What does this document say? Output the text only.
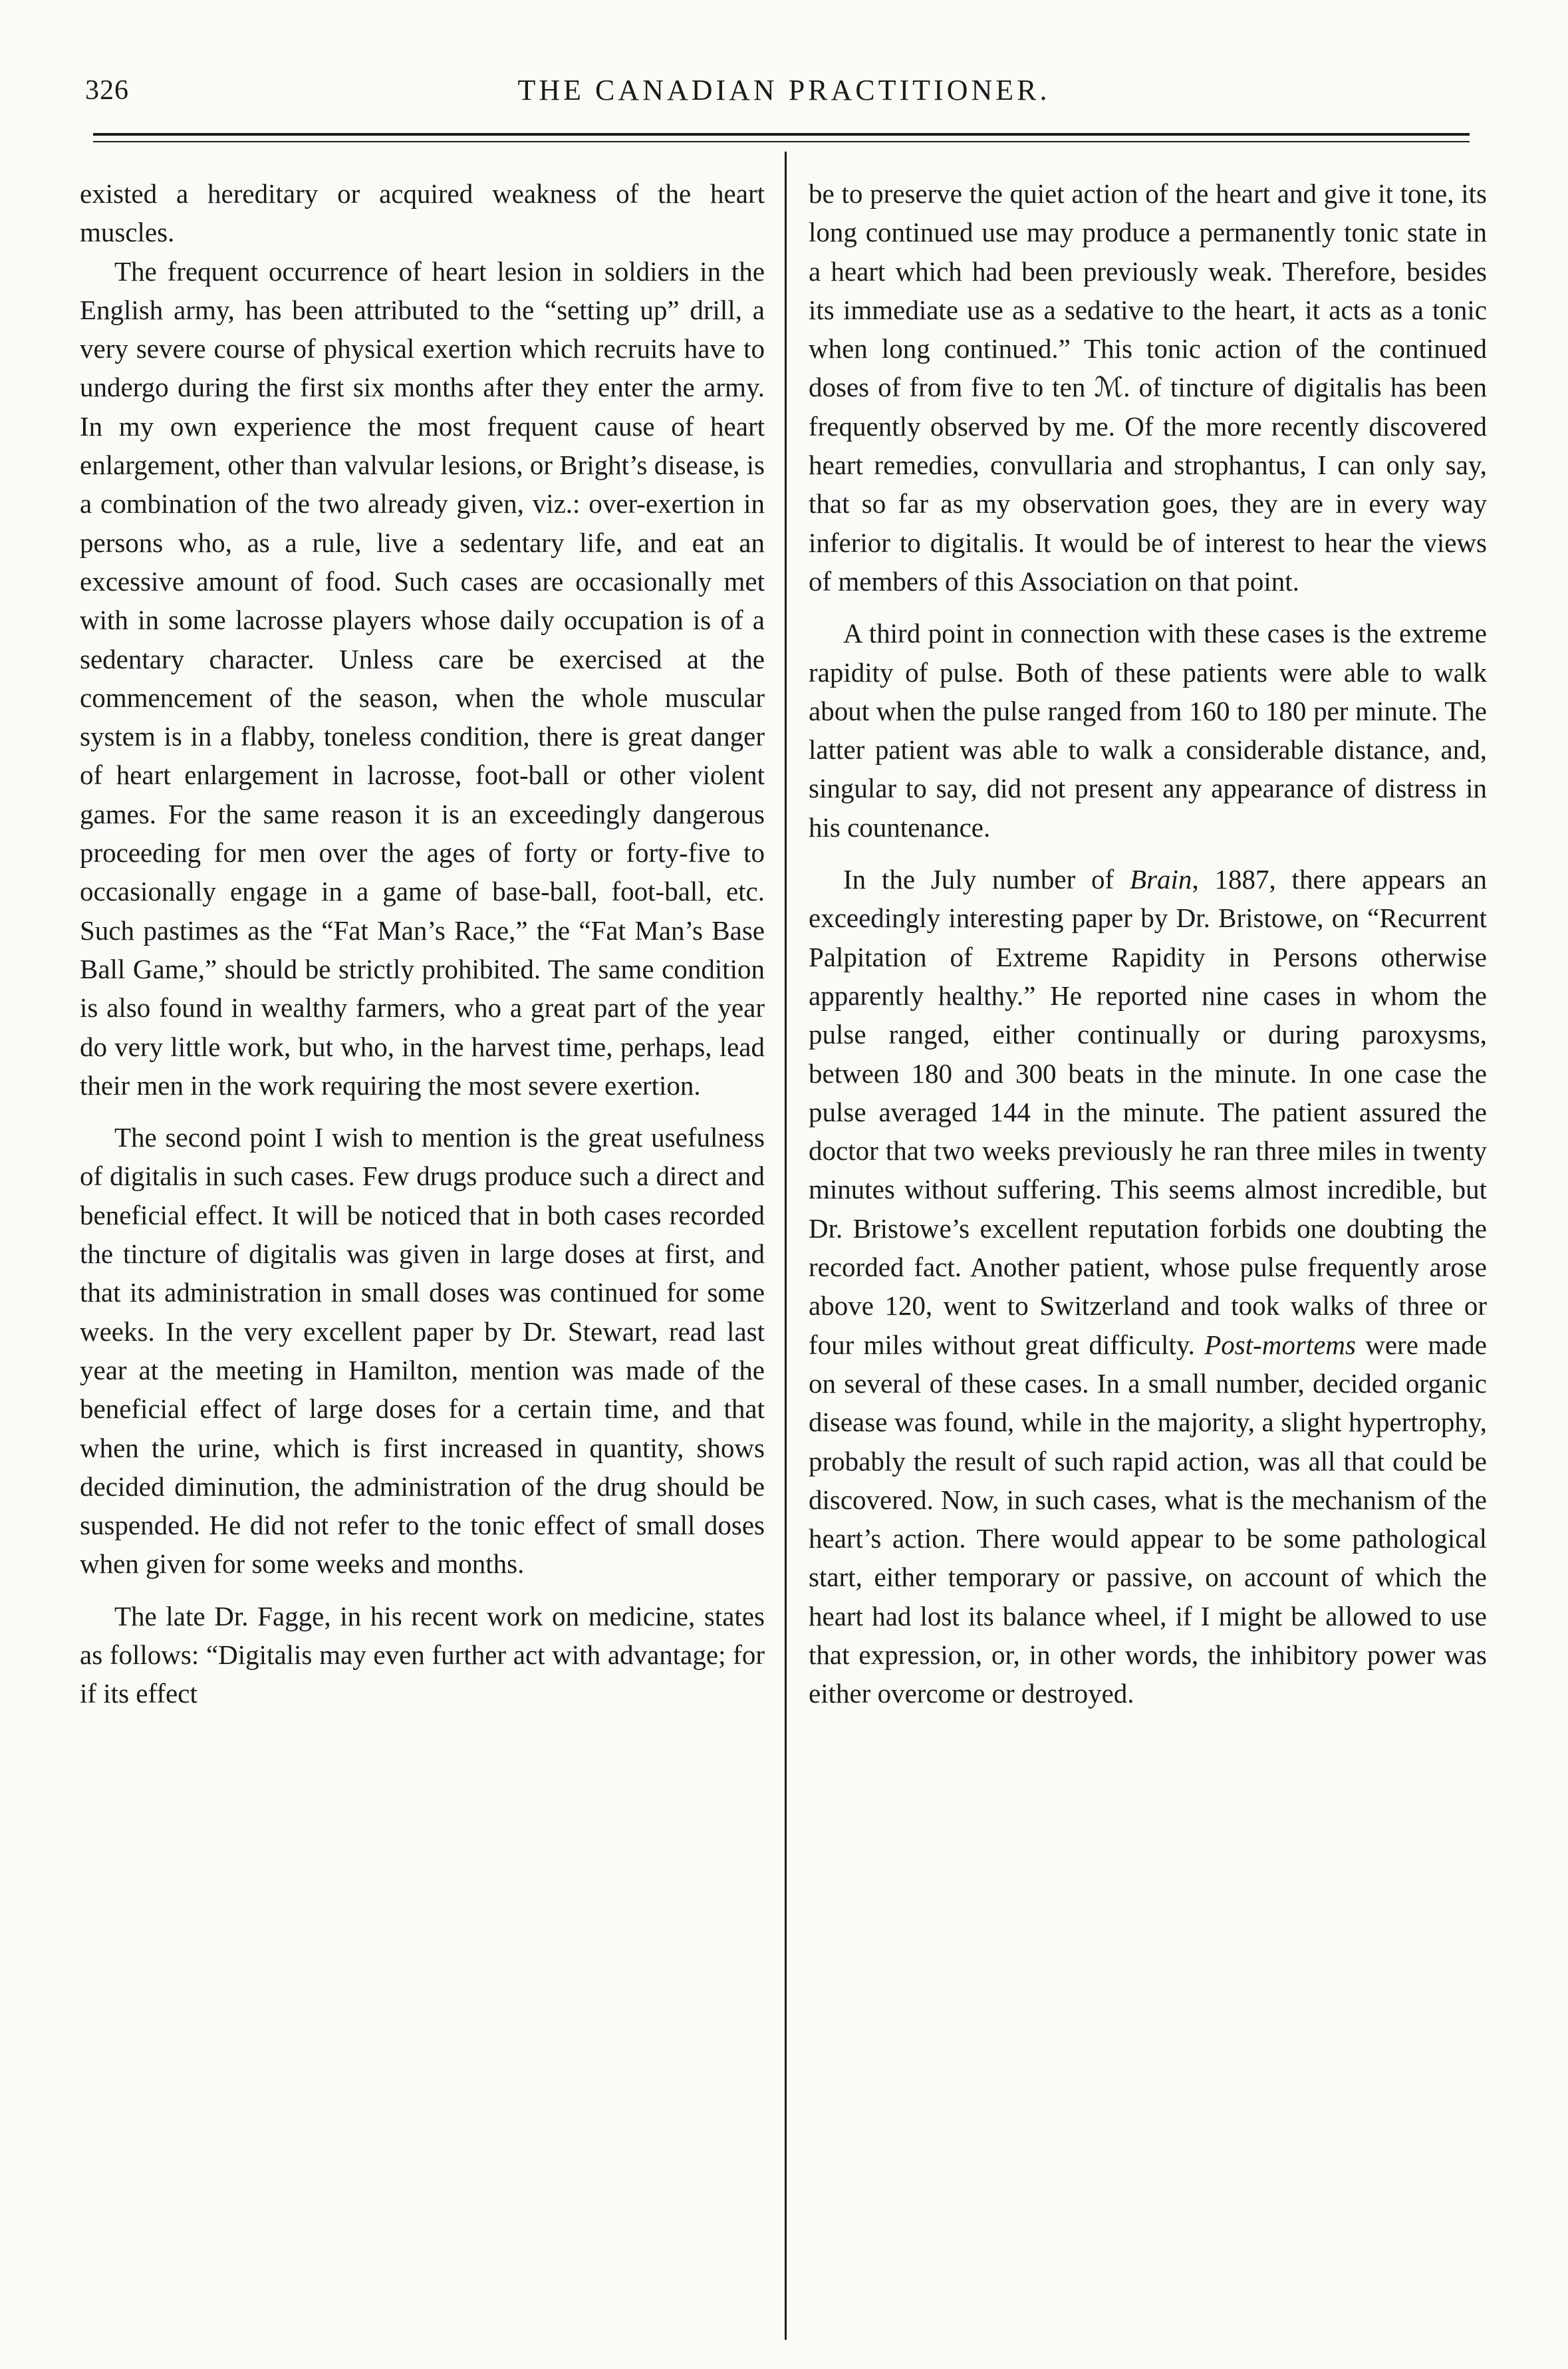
326	THE CANADIAN PRACTITIONER.

existed a hereditary or acquired weakness of the heart muscles.

The frequent occurrence of heart lesion in soldiers in the English army, has been attributed to the “setting up” drill, a very severe course of physical exertion which recruits have to undergo during the first six months after they enter the army. In my own experience the most frequent cause of heart enlargement, other than valvular lesions, or Bright’s disease, is a combination of the two already given, viz.: over-exertion in persons who, as a rule, live a sedentary life, and eat an excessive amount of food. Such cases are occasionally met with in some lacrosse players whose daily occupation is of a sedentary character. Unless care be exercised at the commencement of the season, when the whole muscular system is in a flabby, toneless condition, there is great danger of heart enlargement in lacrosse, foot-ball or other violent games. For the same reason it is an exceedingly dangerous proceeding for men over the ages of forty or forty-five to occasionally engage in a game of base-ball, foot-ball, etc. Such pastimes as the “Fat Man’s Race,” the “Fat Man’s Base Ball Game,” should be strictly prohibited. The same condition is also found in wealthy farmers, who a great part of the year do very little work, but who, in the harvest time, perhaps, lead their men in the work requiring the most severe exertion.

The second point I wish to mention is the great usefulness of digitalis in such cases. Few drugs produce such a direct and beneficial effect. It will be noticed that in both cases recorded the tincture of digitalis was given in large doses at first, and that its administration in small doses was continued for some weeks. In the very excellent paper by Dr. Stewart, read last year at the meeting in Hamilton, mention was made of the beneficial effect of large doses for a certain time, and that when the urine, which is first increased in quantity, shows decided diminution, the administration of the drug should be suspended. He did not refer to the tonic effect of small doses when given for some weeks and months.

The late Dr. Fagge, in his recent work on medicine, states as follows: “Digitalis may even further act with advantage; for if its effect

be to preserve the quiet action of the heart and give it tone, its long continued use may produce a permanently tonic state in a heart which had been previously weak. Therefore, besides its immediate use as a sedative to the heart, it acts as a tonic when long continued.” This tonic action of the continued doses of from five to ten ℳ. of tincture of digitalis has been frequently observed by me. Of the more recently discovered heart remedies, convullaria and strophantus, I can only say, that so far as my observation goes, they are in every way inferior to digitalis. It would be of interest to hear the views of members of this Association on that point.

A third point in connection with these cases is the extreme rapidity of pulse. Both of these patients were able to walk about when the pulse ranged from 160 to 180 per minute. The latter patient was able to walk a considerable distance, and, singular to say, did not present any appearance of distress in his countenance.

In the July number of Brain, 1887, there appears an exceedingly interesting paper by Dr. Bristowe, on “Recurrent Palpitation of Extreme Rapidity in Persons otherwise apparently healthy.” He reported nine cases in whom the pulse ranged, either continually or during paroxysms, between 180 and 300 beats in the minute. In one case the pulse averaged 144 in the minute. The patient assured the doctor that two weeks previously he ran three miles in twenty minutes without suffering. This seems almost incredible, but Dr. Bristowe’s excellent reputation forbids one doubting the recorded fact. Another patient, whose pulse frequently arose above 120, went to Switzerland and took walks of three or four miles without great difficulty. Post-mortems were made on several of these cases. In a small number, decided organic disease was found, while in the majority, a slight hypertrophy, probably the result of such rapid action, was all that could be discovered. Now, in such cases, what is the mechanism of the heart’s action. There would appear to be some pathological start, either temporary or passive, on account of which the heart had lost its balance wheel, if I might be allowed to use that expression, or, in other words, the inhibitory power was either overcome or destroyed.
